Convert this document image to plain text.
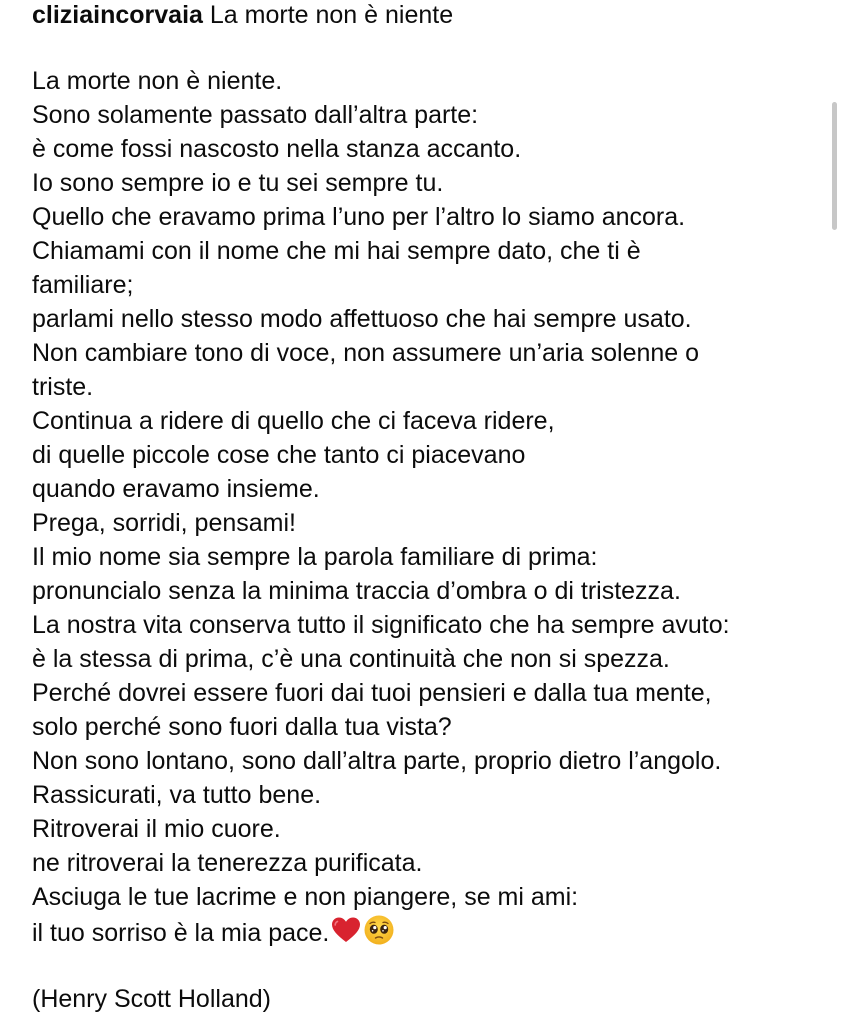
cliziaincorvaia La morte non è niente
La morte non è niente.
Sono solamente passato dall’altra parte:
è come fossi nascosto nella stanza accanto.
Io sono sempre io e tu sei sempre tu.
Quello che eravamo prima l’uno per l’altro lo siamo ancora.
Chiamami con il nome che mi hai sempre dato, che ti è
familiare;
parlami nello stesso modo affettuoso che hai sempre usato.
Non cambiare tono di voce, non assumere un’aria solenne o
triste.
Continua a ridere di quello che ci faceva ridere,
di quelle piccole cose che tanto ci piacevano
quando eravamo insieme.
Prega, sorridi, pensami!
Il mio nome sia sempre la parola familiare di prima:
pronuncialo senza la minima traccia d’ombra o di tristezza.
La nostra vita conserva tutto il significato che ha sempre avuto:
è la stessa di prima, c’è una continuità che non si spezza.
Perché dovrei essere fuori dai tuoi pensieri e dalla tua mente,
solo perché sono fuori dalla tua vista?
Non sono lontano, sono dall’altra parte, proprio dietro l’angolo.
Rassicurati, va tutto bene.
Ritroverai il mio cuore.
ne ritroverai la tenerezza purificata.
Asciuga le tue lacrime e non piangere, se mi ami:
il tuo sorriso è la mia pace.
(Henry Scott Holland)
